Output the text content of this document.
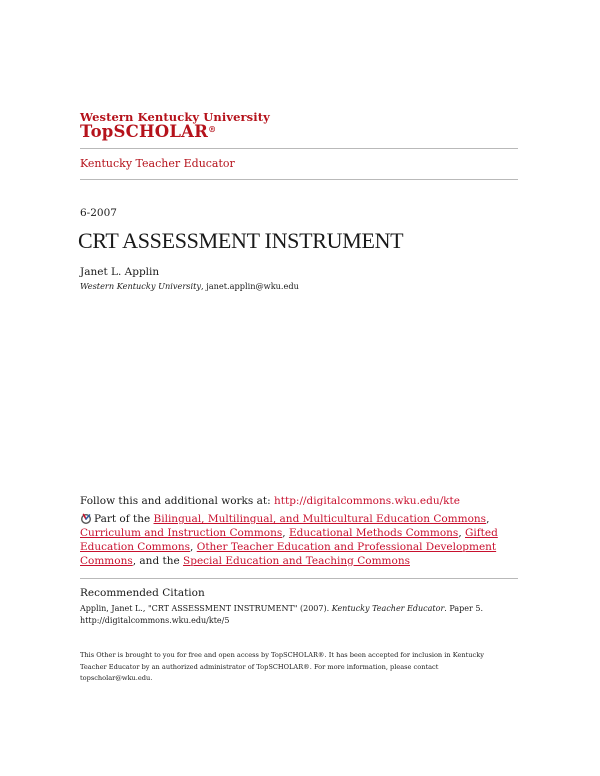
Western Kentucky University
TopSCHOLAR®
Kentucky Teacher Educator
6-2007
CRT ASSESSMENT INSTRUMENT
Janet L. Applin
Western Kentucky University, janet.applin@wku.edu
Follow this and additional works at: http://digitalcommons.wku.edu/kte
Part of the Bilingual, Multilingual, and Multicultural Education Commons, Curriculum and Instruction Commons, Educational Methods Commons, Gifted Education Commons, Other Teacher Education and Professional Development Commons, and the Special Education and Teaching Commons
Recommended Citation
Applin, Janet L., "CRT ASSESSMENT INSTRUMENT" (2007). Kentucky Teacher Educator. Paper 5.
http://digitalcommons.wku.edu/kte/5
This Other is brought to you for free and open access by TopSCHOLAR®. It has been accepted for inclusion in Kentucky Teacher Educator by an authorized administrator of TopSCHOLAR®. For more information, please contact topscholar@wku.edu.
